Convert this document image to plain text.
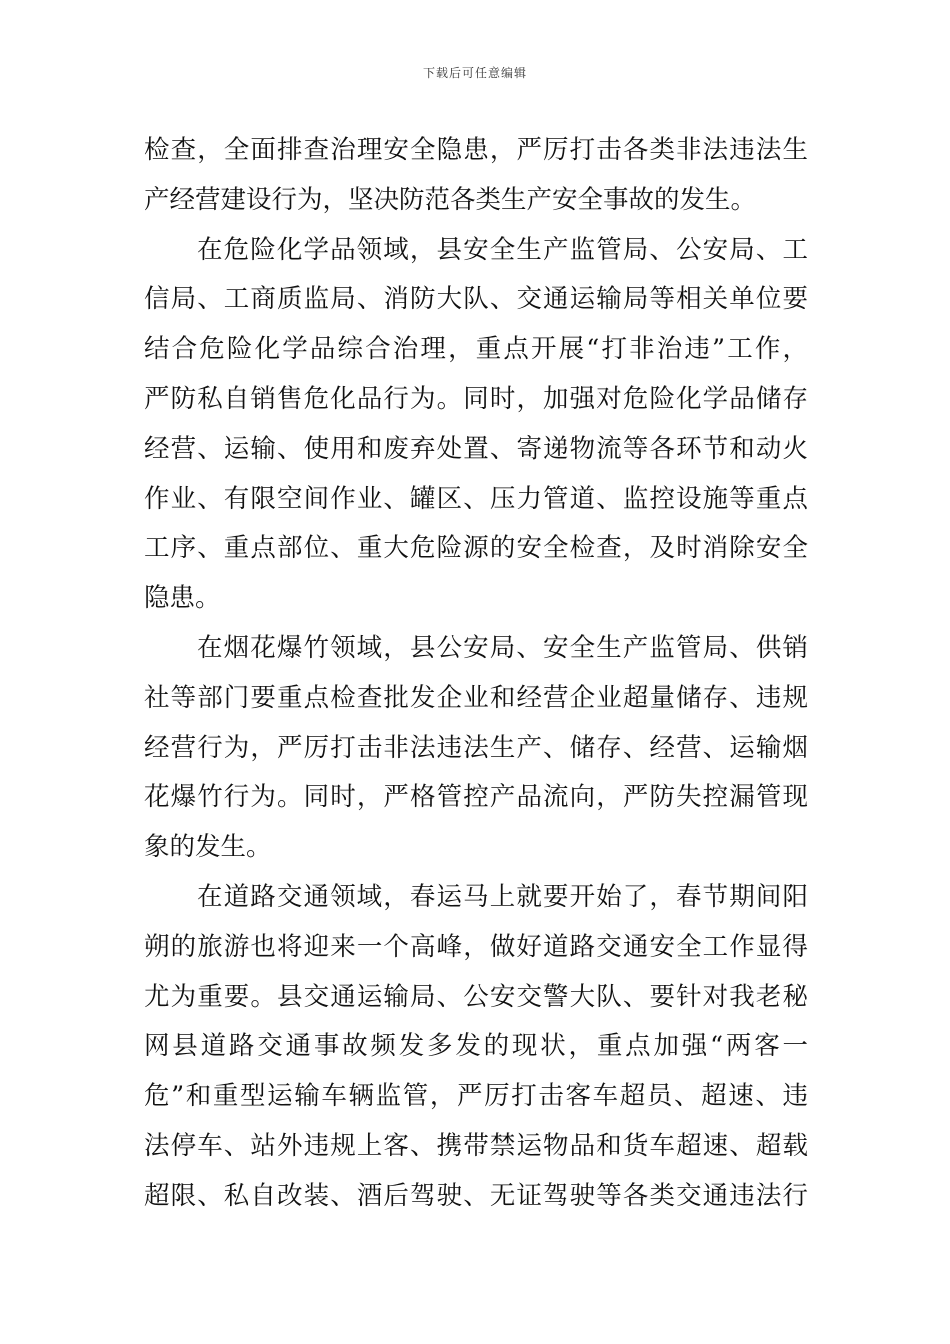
下载后可任意编辑
检查，全面排查治理安全隐患，严厉打击各类非法违法生
产经营建设行为，坚决防范各类生产安全事故的发生。
在危险化学品领域，县安全生产监管局、公安局、工
信局、工商质监局、消防大队、交通运输局等相关单位要
结合危险化学品综合治理，重点开展“打非治违”工作，
严防私自销售危化品行为。同时，加强对危险化学品储存
经营、运输、使用和废弃处置、寄递物流等各环节和动火
作业、有限空间作业、罐区、压力管道、监控设施等重点
工序、重点部位、重大危险源的安全检查，及时消除安全
隐患。
在烟花爆竹领域，县公安局、安全生产监管局、供销
社等部门要重点检查批发企业和经营企业超量储存、违规
经营行为，严厉打击非法违法生产、储存、经营、运输烟
花爆竹行为。同时，严格管控产品流向，严防失控漏管现
象的发生。
在道路交通领域，春运马上就要开始了，春节期间阳
朔的旅游也将迎来一个高峰，做好道路交通安全工作显得
尤为重要。县交通运输局、公安交警大队、要针对我老秘
网县道路交通事故频发多发的现状，重点加强“两客一
危”和重型运输车辆监管，严厉打击客车超员、超速、违
法停车、站外违规上客、携带禁运物品和货车超速、超载
超限、私自改装、酒后驾驶、无证驾驶等各类交通违法行
